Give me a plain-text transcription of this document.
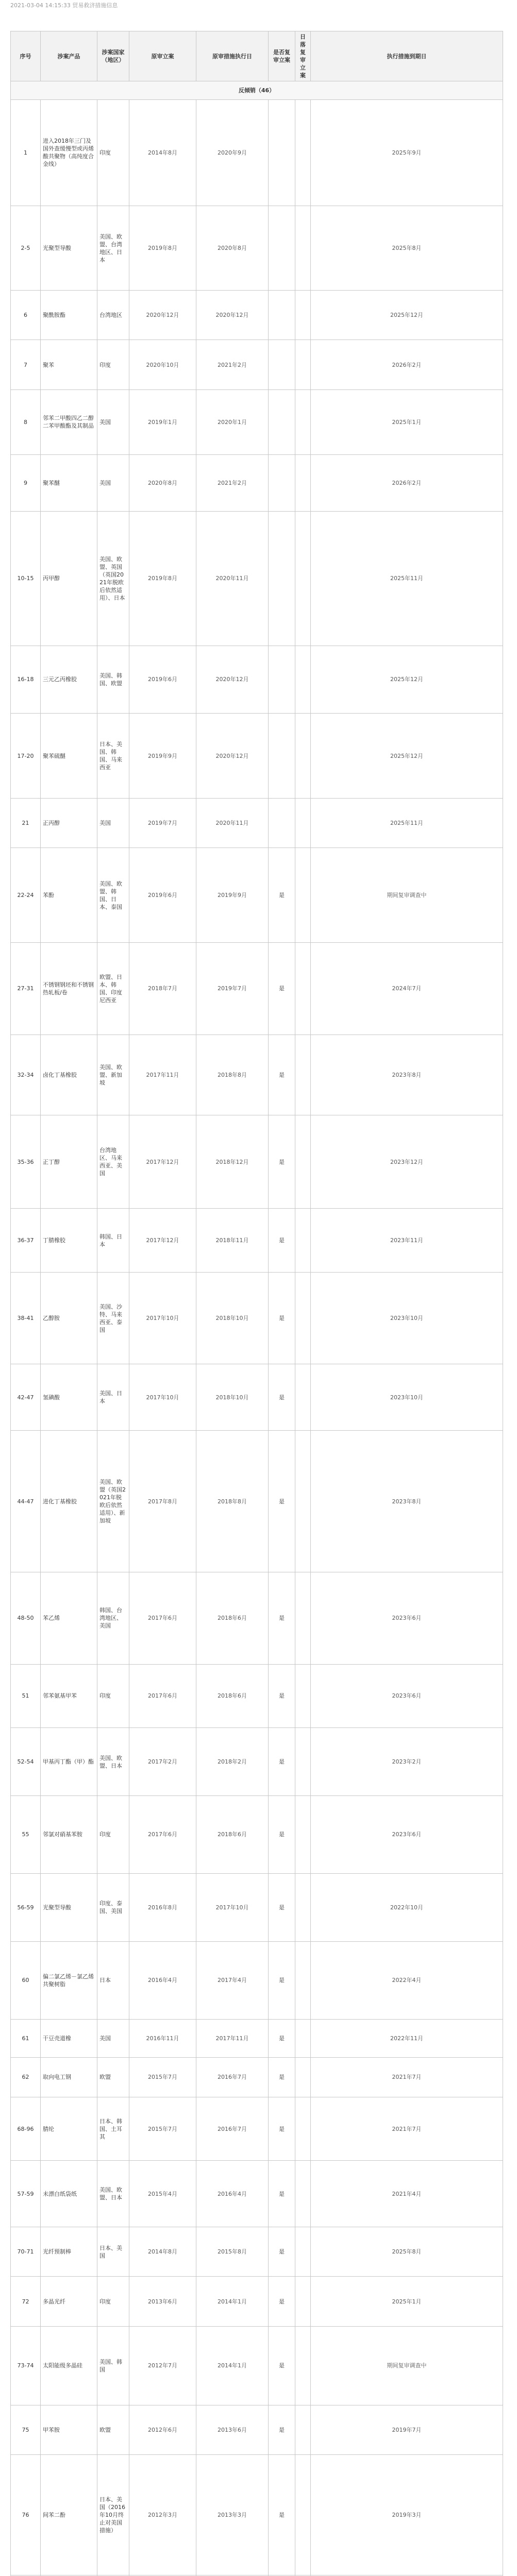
2021-03-04 14:15:33 贸易救济措施信息
序号	涉案产品	涉案国家（地区）	原审立案	原审措施执行日	是否复审立案	日落复审立案	执行措施到期日
反倾销（46）							
1	进入2018年三门及国外查缓慢型或丙烯酸共聚物（高纯度合金线）	印度	2014年8月	2020年9月			2025年9月
2-5	光聚型导酸	美国、欧盟、台湾地区、日本	2019年8月	2020年8月			2025年8月
6	聚酰胺酯	台湾地区	2020年12月	2020年12月			2025年12月
7	聚苯	印度	2020年10月	2021年2月			2026年2月
8	邻苯二甲酸四乙二醇二苯甲酸酯及其制品	美国	2019年1月	2020年1月			2025年1月
9	聚苯醚	美国	2020年8月	2021年2月			2026年2月
10-15	丙甲醇	美国、欧盟、英国（英国2021年脱欧后依然适用）、日本	2019年8月	2020年11月			2025年11月
16-18	三元乙丙橡胶	美国、韩国、欧盟	2019年6月	2020年12月			2025年12月
17-20	聚苯硫醚	日本、美国、韩国、马来西亚	2019年9月	2020年12月			2025年12月
21	正丙醇	美国	2019年7月	2020年11月			2025年11月
22-24	苯酚	美国、欧盟、韩国、日本、泰国	2019年6月	2019年9月	是		期间复审调查中
27-31	不锈钢钢坯和不锈钢热轧板/卷	欧盟、日本、韩国、印度尼西亚	2018年7月	2019年7月	是		2024年7月
32-34	卤化丁基橡胶	美国、欧盟、新加坡	2017年11月	2018年8月	是		2023年8月
35-36	正丁醇	台湾地区、马来西亚、美国	2017年12月	2018年12月	是		2023年12月
36-37	丁腈橡胶	韩国、日本	2017年12月	2018年11月	是		2023年11月
38-41	乙醇胺	美国、沙特、马来西亚、泰国	2017年10月	2018年10月	是		2023年10月
42-47	氢碘酸	美国、日本	2017年10月	2018年10月	是		2023年10月
44-47	进化丁基橡胶	美国、欧盟（英国2021年脱欧后依然适用）、新加坡	2017年8月	2018年8月	是		2023年8月
48-50	苯乙烯	韩国、台湾地区、美国	2017年6月	2018年6月	是		2023年6月
51	邻苯氨基甲苯	印度	2017年6月	2018年6月	是		2023年6月
52-54	甲基丙丁酯（甲）酯	美国、欧盟、日本	2017年2月	2018年2月	是		2023年2月
55	邻氯对硝基苯胺	印度	2017年6月	2018年6月	是		2023年6月
56-59	光聚型导酸	印度、泰国、美国	2016年8月	2017年10月	是		2022年10月
60	偏二氯乙烯－氯乙烯共聚树脂	日本	2016年4月	2017年4月	是		2022年4月
61	干豆壳道橡	美国	2016年11月	2017年11月	是		2022年11月
62	取向电工钢	欧盟	2015年7月	2016年7月	是		2021年7月
68-96	腈纶	日本、韩国、土耳其	2015年7月	2016年7月	是		2021年7月
57-59	未漂白纸袋纸	美国、欧盟、日本	2015年4月	2016年4月	是		2021年4月
70-71	光纤预制棒	日本、美国	2014年8月	2015年8月	是		2025年8月
72	多晶光纤	印度	2013年6月	2014年1月	是		2025年1月
73-74	太阳能级多晶硅	美国、韩国	2012年7月	2014年1月	是		期间复审调查中
75	甲苯胺	欧盟	2012年6月	2013年6月	是		2019年7月
76	间苯二酚	日本、美国（2016年10月终止对美国措施）	2012年3月	2013年3月	是		2019年3月
